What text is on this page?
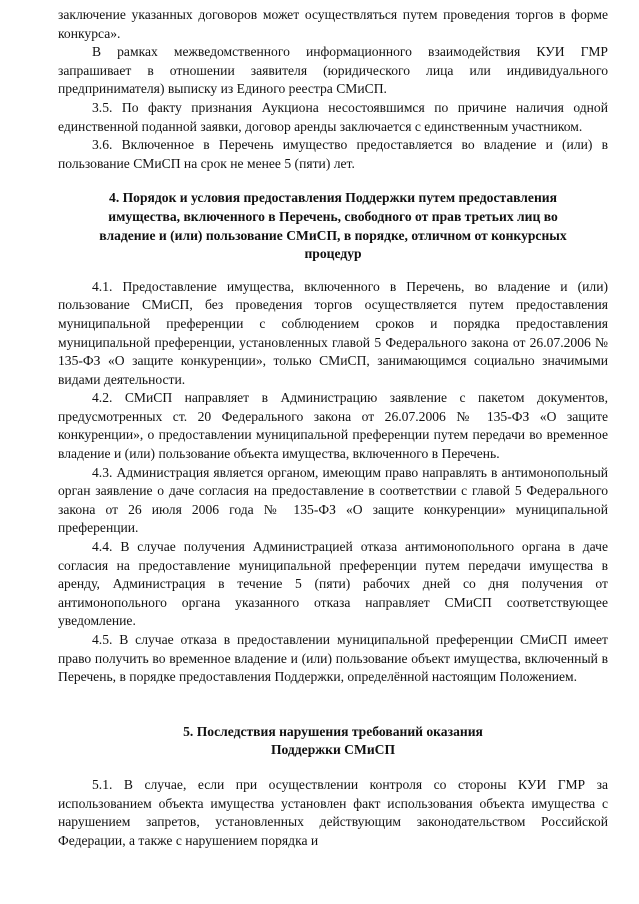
заключение указанных договоров может осуществляться путем проведения торгов в форме конкурса».

В рамках межведомственного информационного взаимодействия КУИ ГМР запрашивает в отношении заявителя (юридического лица или индивидуального предпринимателя) выписку из Единого реестра СМиСП.

3.5. По факту признания Аукциона несостоявшимся по причине наличия одной единственной поданной заявки, договор аренды заключается с единственным участником.

3.6. Включенное в Перечень имущество предоставляется во владение и (или) в пользование СМиСП на срок не менее 5 (пяти) лет.

4. Порядок и условия предоставления Поддержки путем предоставления имущества, включенного в Перечень, свободного от прав третьих лиц во владение и (или) пользование СМиСП, в порядке, отличном от конкурсных процедур

4.1. Предоставление имущества, включенного в Перечень, во владение и (или) пользование СМиСП, без проведения торгов осуществляется путем предоставления муниципальной преференции с соблюдением сроков и порядка предоставления муниципальной преференции, установленных главой 5 Федерального закона от 26.07.2006 № 135-ФЗ «О защите конкуренции», только СМиСП, занимающимся социально значимыми видами деятельности.

4.2. СМиСП направляет в Администрацию заявление с пакетом документов, предусмотренных ст. 20 Федерального закона от 26.07.2006 № 135-ФЗ «О защите конкуренции», о предоставлении муниципальной преференции путем передачи во временное владение и (или) пользование объекта имущества, включенного в Перечень.

4.3. Администрация является органом, имеющим право направлять в антимонопольный орган заявление о даче согласия на предоставление в соответствии с главой 5 Федерального закона от 26 июля 2006 года № 135-ФЗ «О защите конкуренции» муниципальной преференции.

4.4. В случае получения Администрацией отказа антимонопольного органа в даче согласия на предоставление муниципальной преференции путем передачи имущества в аренду, Администрация в течение 5 (пяти) рабочих дней со дня получения от антимонопольного органа указанного отказа направляет СМиСП соответствующее уведомление.

4.5. В случае отказа в предоставлении муниципальной преференции СМиСП имеет право получить во временное владение и (или) пользование объект имущества, включенный в Перечень, в порядке предоставления Поддержки, определённой настоящим Положением.

5. Последствия нарушения требований оказания

Поддержки СМиСП

5.1. В случае, если при осуществлении контроля со стороны КУИ ГМР за использованием объекта имущества установлен факт использования объекта имущества с нарушением запретов, установленных действующим законодательством Российской Федерации, а также с нарушением порядка и
